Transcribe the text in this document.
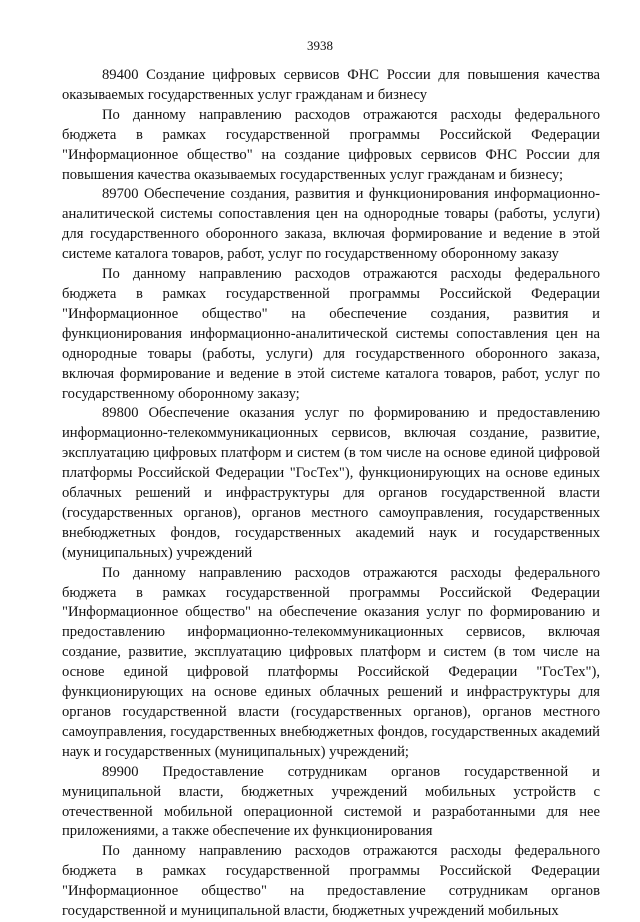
3938

89400 Создание цифровых сервисов ФНС России для повышения качества оказываемых государственных услуг гражданам и бизнесу

По данному направлению расходов отражаются расходы федерального бюджета в рамках государственной программы Российской Федерации "Информационное общество" на создание цифровых сервисов ФНС России для повышения качества оказываемых государственных услуг гражданам и бизнесу;

89700 Обеспечение создания, развития и функционирования информационно-аналитической системы сопоставления цен на однородные товары (работы, услуги) для государственного оборонного заказа, включая формирование и ведение в этой системе каталога товаров, работ, услуг по государственному оборонному заказу

По данному направлению расходов отражаются расходы федерального бюджета в рамках государственной программы Российской Федерации "Информационное общество" на обеспечение создания, развития и функционирования информационно-аналитической системы сопоставления цен на однородные товары (работы, услуги) для государственного оборонного заказа, включая формирование и ведение в этой системе каталога товаров, работ, услуг по государственному оборонному заказу;

89800 Обеспечение оказания услуг по формированию и предоставлению информационно-телекоммуникационных сервисов, включая создание, развитие, эксплуатацию цифровых платформ и систем (в том числе на основе единой цифровой платформы Российской Федерации "ГосТех"), функционирующих на основе единых облачных решений и инфраструктуры для органов государственной власти (государственных органов), органов местного самоуправления, государственных внебюджетных фондов, государственных академий наук и государственных (муниципальных) учреждений

По данному направлению расходов отражаются расходы федерального бюджета в рамках государственной программы Российской Федерации "Информационное общество" на обеспечение оказания услуг по формированию и предоставлению информационно-телекоммуникационных сервисов, включая создание, развитие, эксплуатацию цифровых платформ и систем (в том числе на основе единой цифровой платформы Российской Федерации "ГосТех"), функционирующих на основе единых облачных решений и инфраструктуры для органов государственной власти (государственных органов), органов местного самоуправления, государственных внебюджетных фондов, государственных академий наук и государственных (муниципальных) учреждений;

89900 Предоставление сотрудникам органов государственной и муниципальной власти, бюджетных учреждений мобильных устройств с отечественной мобильной операционной системой и разработанными для нее приложениями, а также обеспечение их функционирования

По данному направлению расходов отражаются расходы федерального бюджета в рамках государственной программы Российской Федерации "Информационное общество" на предоставление сотрудникам органов государственной и муниципальной власти, бюджетных учреждений мобильных
